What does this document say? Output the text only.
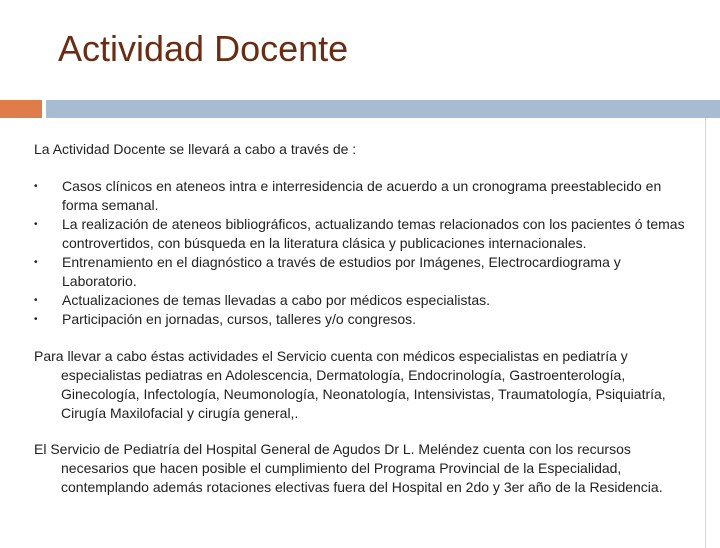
Actividad Docente

La Actividad Docente se llevará a cabo a través de :

•	Casos clínicos en ateneos intra e interresidencia de acuerdo a un cronograma preestablecido en forma semanal.
•	La realización de ateneos bibliográficos, actualizando temas relacionados con los pacientes ó temas controvertidos, con búsqueda en la literatura clásica y publicaciones internacionales.
•	Entrenamiento en el diagnóstico a través de estudios por Imágenes, Electrocardiograma y Laboratorio.
•	Actualizaciones de temas llevadas a cabo por médicos especialistas.
•	Participación en jornadas, cursos, talleres y/o congresos.

Para llevar a cabo éstas actividades el Servicio cuenta con médicos especialistas en pediatría y especialistas pediatras en Adolescencia, Dermatología, Endocrinología, Gastroenterología, Ginecología, Infectología, Neumonología, Neonatología, Intensivistas, Traumatología, Psiquiatría, Cirugía Maxilofacial y cirugía general,.

El Servicio de Pediatría del Hospital General de Agudos Dr L. Meléndez cuenta con los recursos necesarios que hacen posible el cumplimiento del Programa Provincial de la Especialidad, contemplando además rotaciones electivas fuera del Hospital en 2do y 3er año de la Residencia.
